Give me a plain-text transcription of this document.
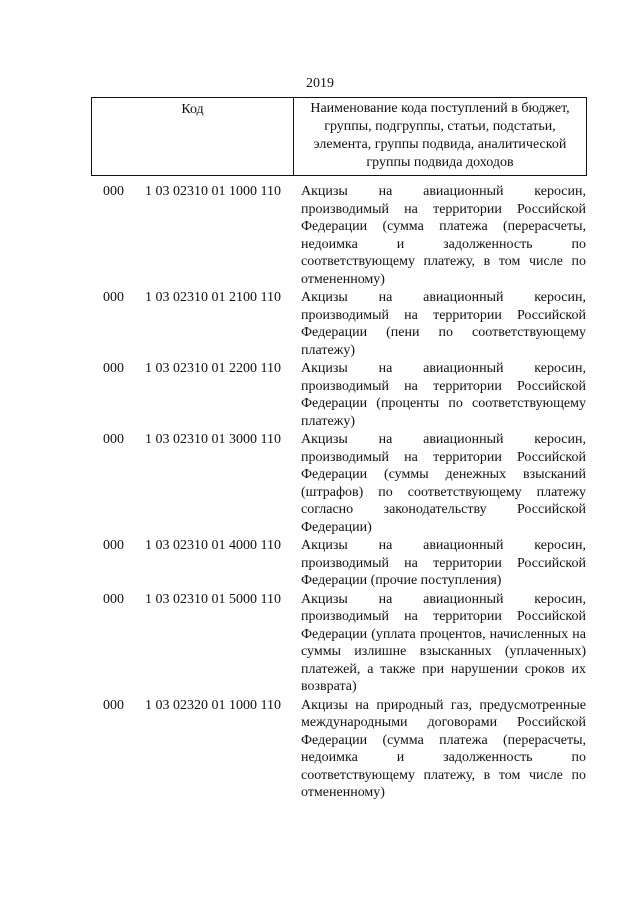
2019
Код	Наименование кода поступлений в бюджет, группы, подгруппы, статьи, подстатьи, элемента, группы подвида, аналитической группы подвида доходов
000 1 03 02310 01 1000 110 Акцизы на авиационный керосин, производимый на территории Российской Федерации (сумма платежа (перерасчеты, недоимка и задолженность по соответствующему платежу, в том числе по отмененному)
000 1 03 02310 01 2100 110 Акцизы на авиационный керосин, производимый на территории Российской Федерации (пени по соответствующему платежу)
000 1 03 02310 01 2200 110 Акцизы на авиационный керосин, производимый на территории Российской Федерации (проценты по соответствующему платежу)
000 1 03 02310 01 3000 110 Акцизы на авиационный керосин, производимый на территории Российской Федерации (суммы денежных взысканий (штрафов) по соответствующему платежу согласно законодательству Российской Федерации)
000 1 03 02310 01 4000 110 Акцизы на авиационный керосин, производимый на территории Российской Федерации (прочие поступления)
000 1 03 02310 01 5000 110 Акцизы на авиационный керосин, производимый на территории Российской Федерации (уплата процентов, начисленных на суммы излишне взысканных (уплаченных) платежей, а также при нарушении сроков их возврата)
000 1 03 02320 01 1000 110 Акцизы на природный газ, предусмотренные международными договорами Российской Федерации (сумма платежа (перерасчеты, недоимка и задолженность по соответствующему платежу, в том числе по отмененному)
